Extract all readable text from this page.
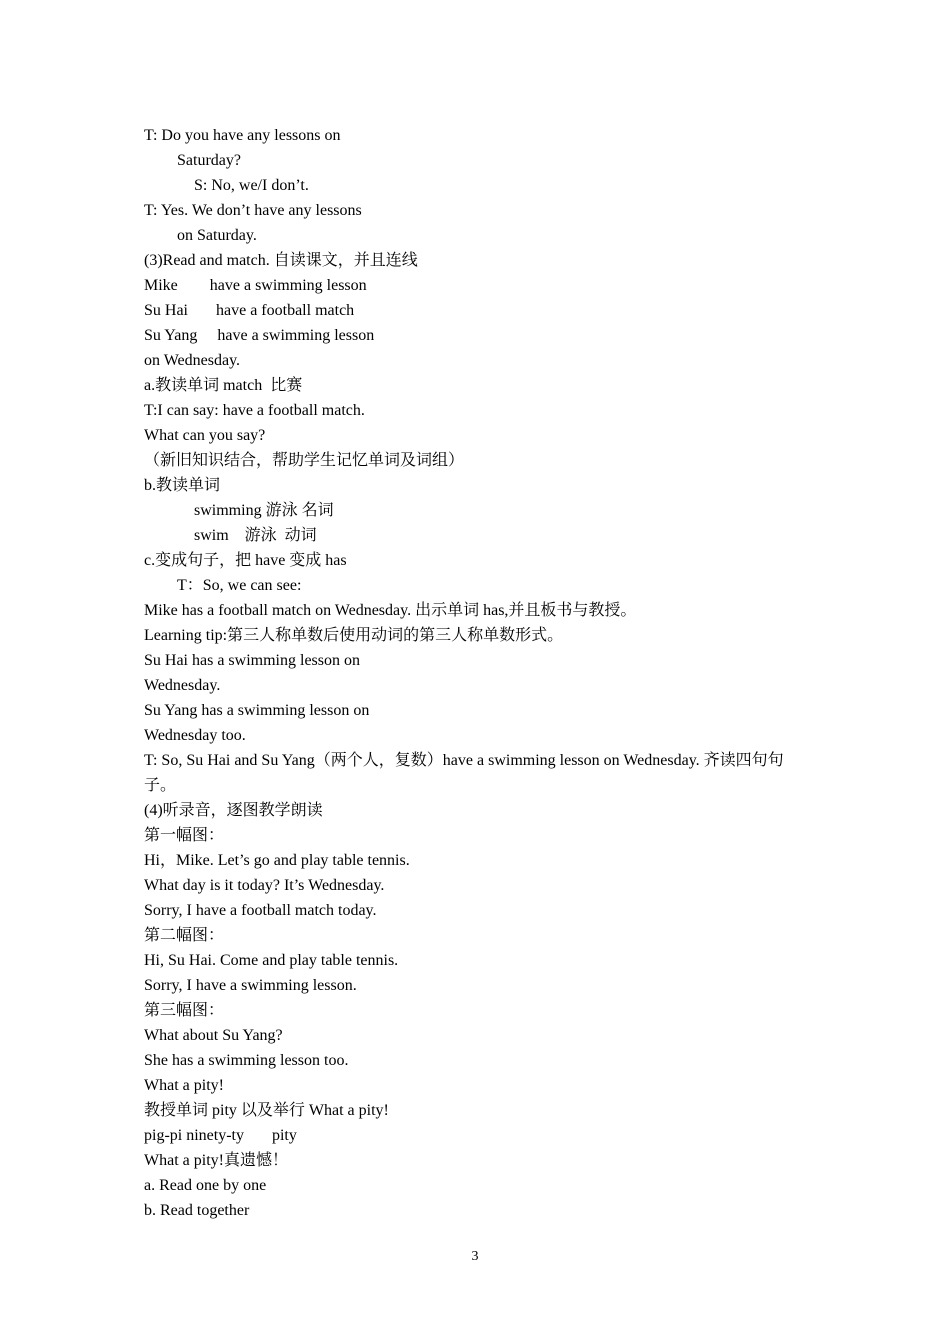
T: Do you have any lessons on
Saturday?
S: No, we/I don’t.
T: Yes. We don’t have any lessons
on Saturday.
(3)Read and match. 自读课文，并且连线
Mike        have a swimming lesson
Su Hai       have a football match
Su Yang     have a swimming lesson
on Wednesday.
a.教读单词 match  比赛
T:I can say: have a football match.
What can you say?
（新旧知识结合，帮助学生记忆单词及词组）
b.教读单词
swimming 游泳 名词
swim    游泳  动词
c.变成句子，把 have 变成 has
T：So, we can see:
Mike has a football match on Wednesday. 出示单词 has,并且板书与教授。
Learning tip:第三人称单数后使用动词的第三人称单数形式。
Su Hai has a swimming lesson on
Wednesday.
Su Yang has a swimming lesson on
Wednesday too.
T: So, Su Hai and Su Yang（两个人，复数）have a swimming lesson on Wednesday. 齐读四句句
子。
(4)听录音，逐图教学朗读
第一幅图：
Hi，Mike. Let’s go and play table tennis.
What day is it today? It’s Wednesday.
Sorry, I have a football match today.
第二幅图：
Hi, Su Hai. Come and play table tennis.
Sorry, I have a swimming lesson.
第三幅图：
What about Su Yang?
She has a swimming lesson too.
What a pity!
教授单词 pity 以及举行 What a pity!
pig-pi ninety-ty       pity
What a pity!真遗憾！
a. Read one by one
b. Read together
3
